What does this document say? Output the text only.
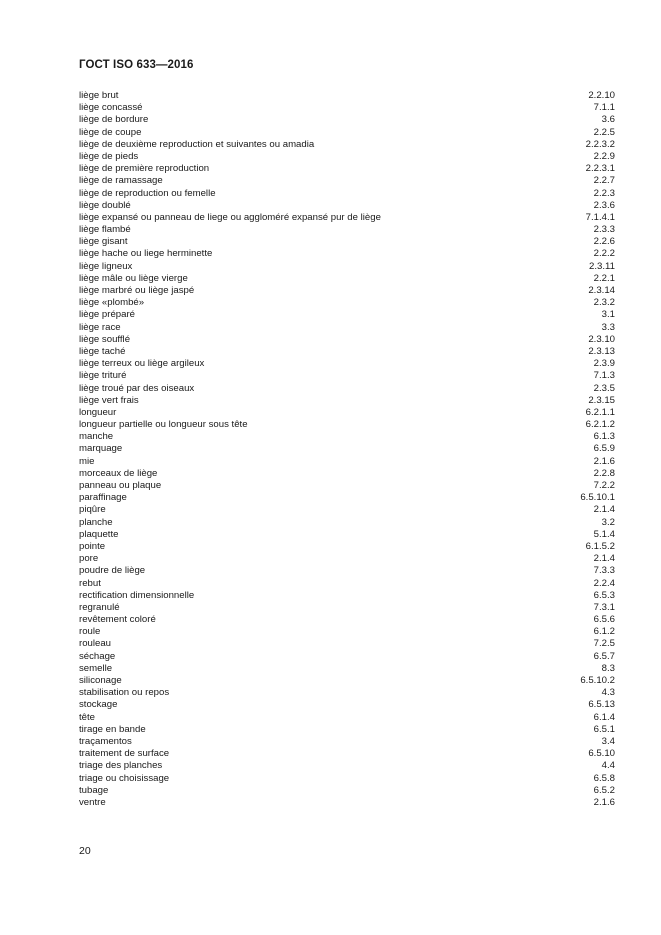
ГОСТ ISO 633—2016
liège brut	2.2.10
liège concassé	7.1.1
liège de bordure	3.6
liège de coupe	2.2.5
liège de deuxième reproduction et suivantes ou amadia	2.2.3.2
liège de pieds	2.2.9
liège de première reproduction	2.2.3.1
liège de ramassage	2.2.7
liège de reproduction ou femelle	2.2.3
liège doublé	2.3.6
liège expansé ou panneau de liege ou aggloméré expansé pur de liège	7.1.4.1
liège flambé	2.3.3
liège gisant	2.2.6
liège hache ou liege herminette	2.2.2
liège ligneux	2.3.11
liège mâle ou liège vierge	2.2.1
liège marbré ou liège jaspé	2.3.14
liège «plombé»	2.3.2
liège préparé	3.1
liège race	3.3
liège soufflé	2.3.10
liège taché	2.3.13
liège terreux ou liège argileux	2.3.9
liège trituré	7.1.3
liège troué par des oiseaux	2.3.5
liège vert frais	2.3.15
longueur	6.2.1.1
longueur partielle ou longueur sous tête	6.2.1.2
manche	6.1.3
marquage	6.5.9
mie	2.1.6
morceaux de liège	2.2.8
panneau ou plaque	7.2.2
paraffinage	6.5.10.1
piqûre	2.1.4
planche	3.2
plaquette	5.1.4
pointe	6.1.5.2
pore	2.1.4
poudre de liège	7.3.3
rebut	2.2.4
rectification dimensionnelle	6.5.3
regranulé	7.3.1
revêtement coloré	6.5.6
roule	6.1.2
rouleau	7.2.5
séchage	6.5.7
semelle	8.3
siliconage	6.5.10.2
stabilisation ou repos	4.3
stockage	6.5.13
tête	6.1.4
tirage en bande	6.5.1
traçamentos	3.4
traitement de surface	6.5.10
triage des planches	4.4
triage ou choisissage	6.5.8
tubage	6.5.2
ventre	2.1.6
20
